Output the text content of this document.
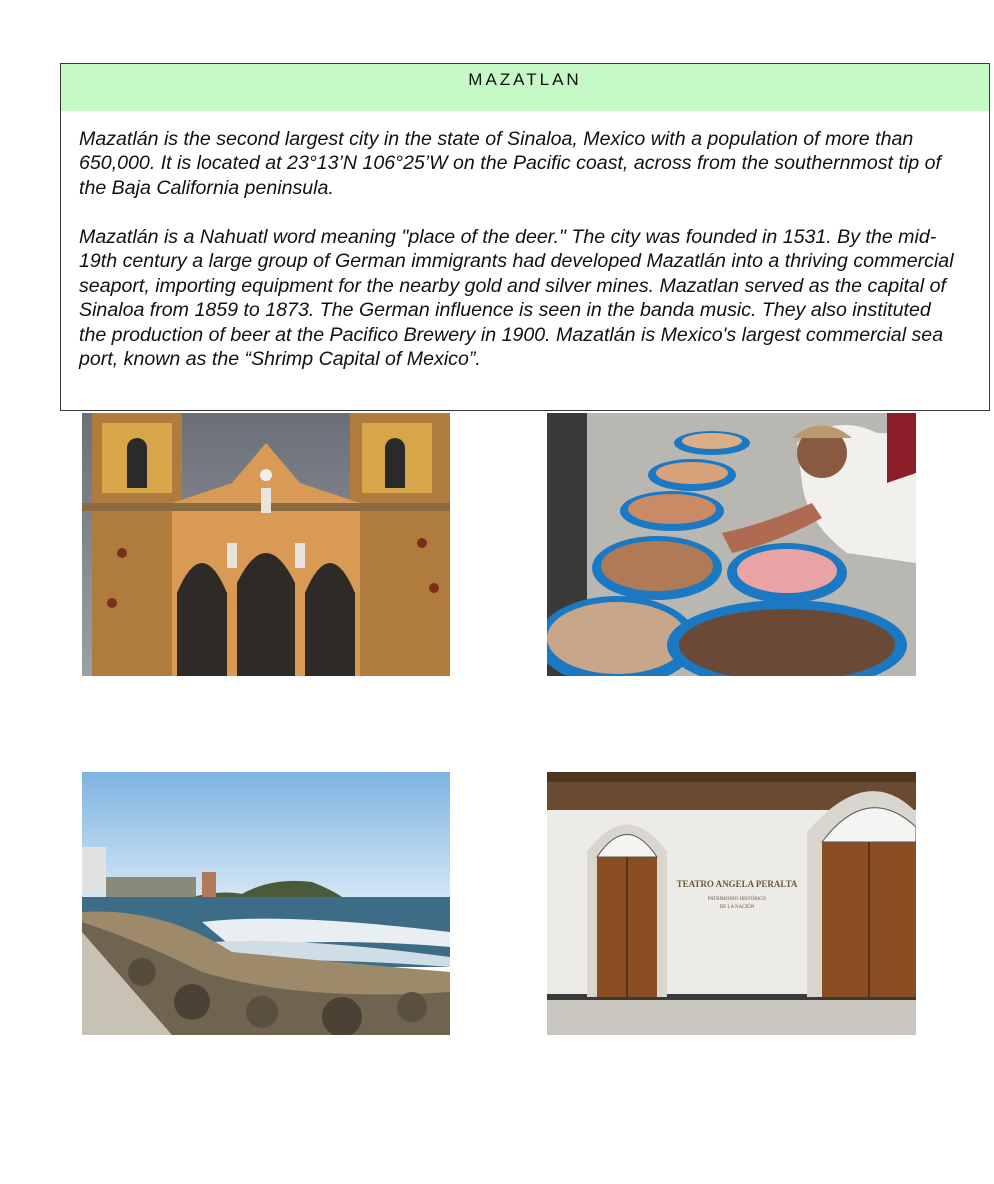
MAZATLAN

Mazatlán is the second largest city in the state of Sinaloa, Mexico with a population of more than 650,000. It is located at 23°13’N 106°25’W on the Pacific coast, across from the southernmost tip of the Baja California peninsula.

Mazatlán is a Nahuatl word meaning "place of the deer." The city was founded in 1531. By the mid-19th century a large group of German immigrants had developed Mazatlán into a thriving commercial seaport, importing equipment for the nearby gold and silver mines. Mazatlan served as the capital of Sinaloa from 1859 to 1873. The German influence is seen in the banda music. They also instituted the production of beer at the Pacifico Brewery in 1900. Mazatlán is Mexico's largest commercial sea port, known as the “Shrimp Capital of Mexico”.

TEATRO ANGELA PERALTA
PATRIMONIO HISTÓRICO
DE LA NACIÓN
